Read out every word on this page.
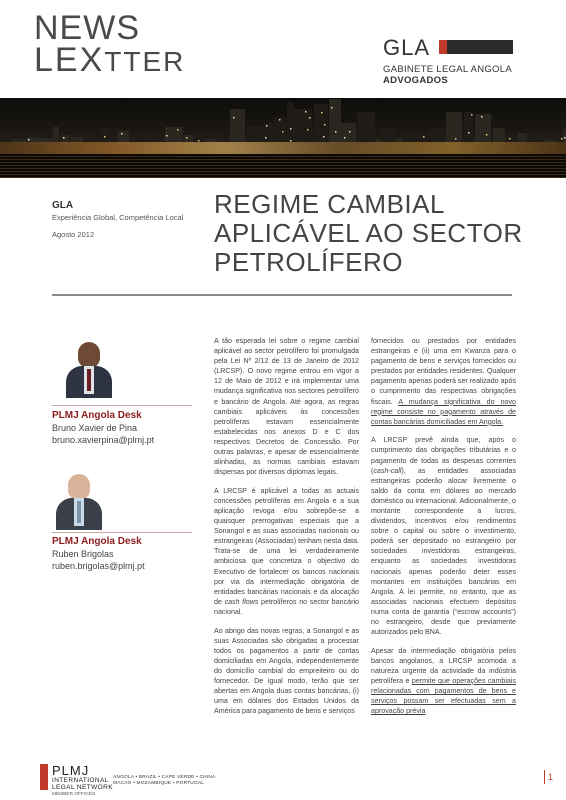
NEWS
LEXTTER	GLA
GABINETE LEGAL ANGOLA
ADVOGADOS
GLA
Experiência Global, Competência Local
Agosto 2012
REGIME CAMBIAL APLICÁVEL AO SECTOR PETROLÍFERO
PLMJ Angola Desk
Bruno Xavier de Pina
bruno.xavierpina@plmj.pt
PLMJ Angola Desk
Ruben Brigolas
ruben.brigolas@plmj.pt

A tão esperada lei sobre o regime cambial aplicável ao sector petrolífero foi promulgada pela Lei Nº 2/12 de 13 de Janeiro de 2012 (LRCSP). O novo regime entrou em vigor a 12 de Maio de 2012 e irá implementar uma mudança significativa nos sectores petrolífero e bancário de Angola. Até agora, as regras cambiais aplicáveis às concessões petrolíferas estavam essencialmente estabelecidas nos anexos D e C dos respectivos Decretos de Concessão. Por outras palavras, e apesar de essencialmente alinhadas, as normas cambiais estavam dispersas por diversos diplomas legais.

A LRCSP é aplicável a todas as actuais concessões petrolíferas em Angola e a sua aplicação revoga e/ou sobrepõe-se a quaisquer prerrogativas especiais que a Sonangol e as suas associadas nacionais ou estrangeiras (Associadas) tenham nesta data. Trata-se de uma lei verdadeiramente ambiciosa que concretiza o objectivo do Executivo de fortalecer os bancos nacionais por via da intermediação obrigatória de entidades bancárias nacionais e da alocação de cash flows petrolíferos no sector bancário nacional.

Ao abrigo das novas regras, a Sonangol e as suas Associadas são obrigadas a processar todos os pagamentos a partir de contas domiciliadas em Angola, independentemente do domicílio cambial do empreiteiro ou do fornecedor. De igual modo, terão que ser abertas em Angola duas contas bancárias, (i) uma em dólares dos Estados Unidos da América para pagamento de bens e serviços

fornecidos ou prestados por entidades estrangeiras e (ii) uma em Kwanza para o pagamento de bens e serviços fornecidos ou prestados por entidades residentes. Qualquer pagamento apenas poderá ser realizado após o cumprimento das respectivas obrigações fiscais. A mudança significativa do novo regime consiste no pagamento através de contas bancárias domiciliadas em Angola.

A LRCSP prevê ainda que, após o cumprimento das obrigações tributárias e o pagamento de todas as despesas correntes (cash-call), as entidades associadas estrangeiras poderão alocar livremente o saldo da conta em dólares ao mercado doméstico ou internacional. Adicionalmente, o montante correspondente a lucros, dividendos, incentivos e/ou rendimentos sobre o capital ou sobre o investimento, poderá ser depositado no estrangeiro por sociedades investidoras estrangeiras, enquanto as sociedades investidoras nacionais apenas poderão deter esses montantes em instituições bancárias em Angola. A lei permite, no entanto, que as associadas nacionais efectuem depósitos numa conta de garantia (“escrow accounts”) no estrangeiro, desde que previamente autorizados pelo BNA.

Apesar da intermediação obrigatória pelos bancos angolanos, a LRCSP acomoda a natureza urgente da actividade da indústria petrolífera e permite que operações cambiais relacionadas com pagamentos de bens e serviços possam ser efectuadas sem a aprovação prévia

PLMJ
INTERNATIONAL
LEGAL NETWORK
MEMBER OFFICES
ANGOLA • BRAZIL • CAPE VERDE • CHINA
MACAO • MOZAMBIQUE • PORTUGAL
1
